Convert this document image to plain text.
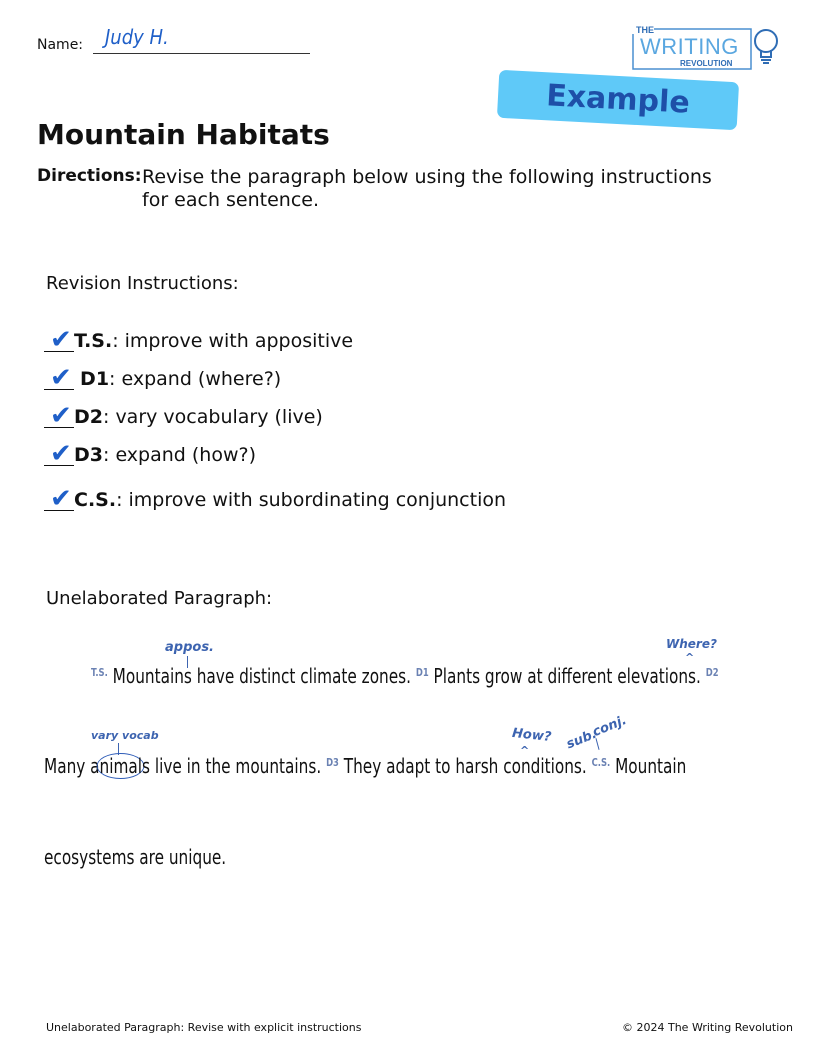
Name: Judy H.	THE
WRITING
REVOLUTION
Example
Mountain Habitats
Directions: Revise the paragraph below using the following instructions for each sentence.
Revision Instructions:
✔ T.S.: improve with appositive
✔ D1: expand (where?)
✔ D2: vary vocabulary (live)
✔ D3: expand (how?)
✔ C.S.: improve with subordinating conjunction
Unelaborated Paragraph:
appos.	Where?
^
$^{T.S.}$ Mountains have distinct climate zones. $^{D1}$ Plants grow at different elevations. $^{D2}$
vary vocab	How?
^	sub.
conj.
Many animals live in the mountains. $^{D3}$ They adapt to harsh conditions. $^{C.S.}$ Mountain
ecosystems are unique.
Unelaborated Paragraph: Revise with explicit instructions	© 2024 The Writing Revolution
